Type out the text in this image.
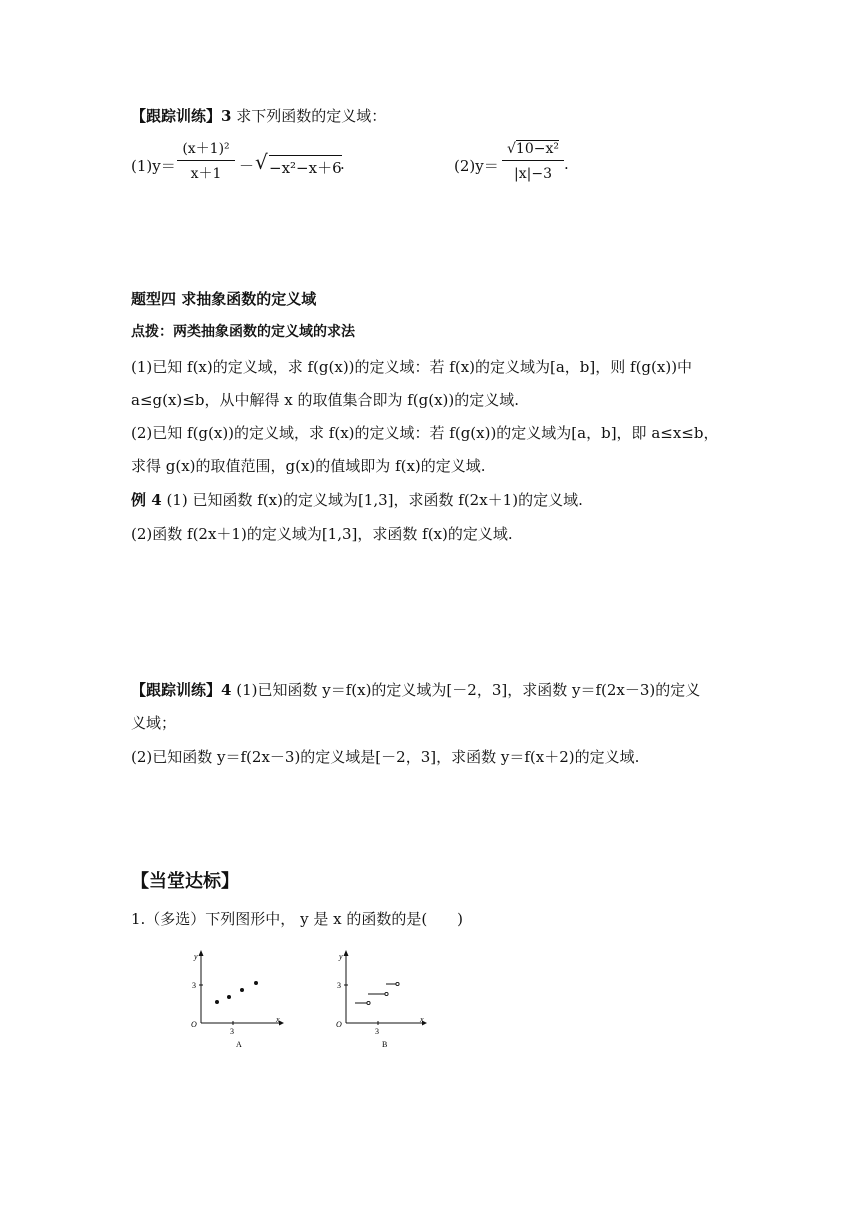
【跟踪训练】3 求下列函数的定义域：
(1)y＝
(x＋1)²
x＋1	－ √ −x²−x＋6
.	(2)y＝
√10−x²
|x|−3
.
题型四 求抽象函数的定义域
点拨：两类抽象函数的定义域的求法
(1)已知 f(x)的定义域，求 f(g(x))的定义域：若 f(x)的定义域为[a，b]，则 f(g(x))中
a≤g(x)≤b，从中解得 x 的取值集合即为 f(g(x))的定义域.
(2)已知 f(g(x))的定义域，求 f(x)的定义域：若 f(g(x))的定义域为[a，b]，即 a≤x≤b，
求得 g(x)的取值范围，g(x)的值域即为 f(x)的定义域.
例 4 (1) 已知函数 f(x)的定义域为[1,3]，求函数 f(2x＋1)的定义域.
(2)函数 f(2x＋1)的定义域为[1,3]，求函数 f(x)的定义域.
【跟踪训练】4 (1)已知函数 y＝f(x)的定义域为[－2，3]，求函数 y＝f(2x－3)的定义
义域；
(2)已知函数 y＝f(2x－3)的定义域是[－2，3]，求函数 y＝f(x＋2)的定义域.
【当堂达标】
1.（多选）下列图形中， y 是 x 的函数的是(　　)
y
x
O
3
3
A
y
x
O
3
3
B
